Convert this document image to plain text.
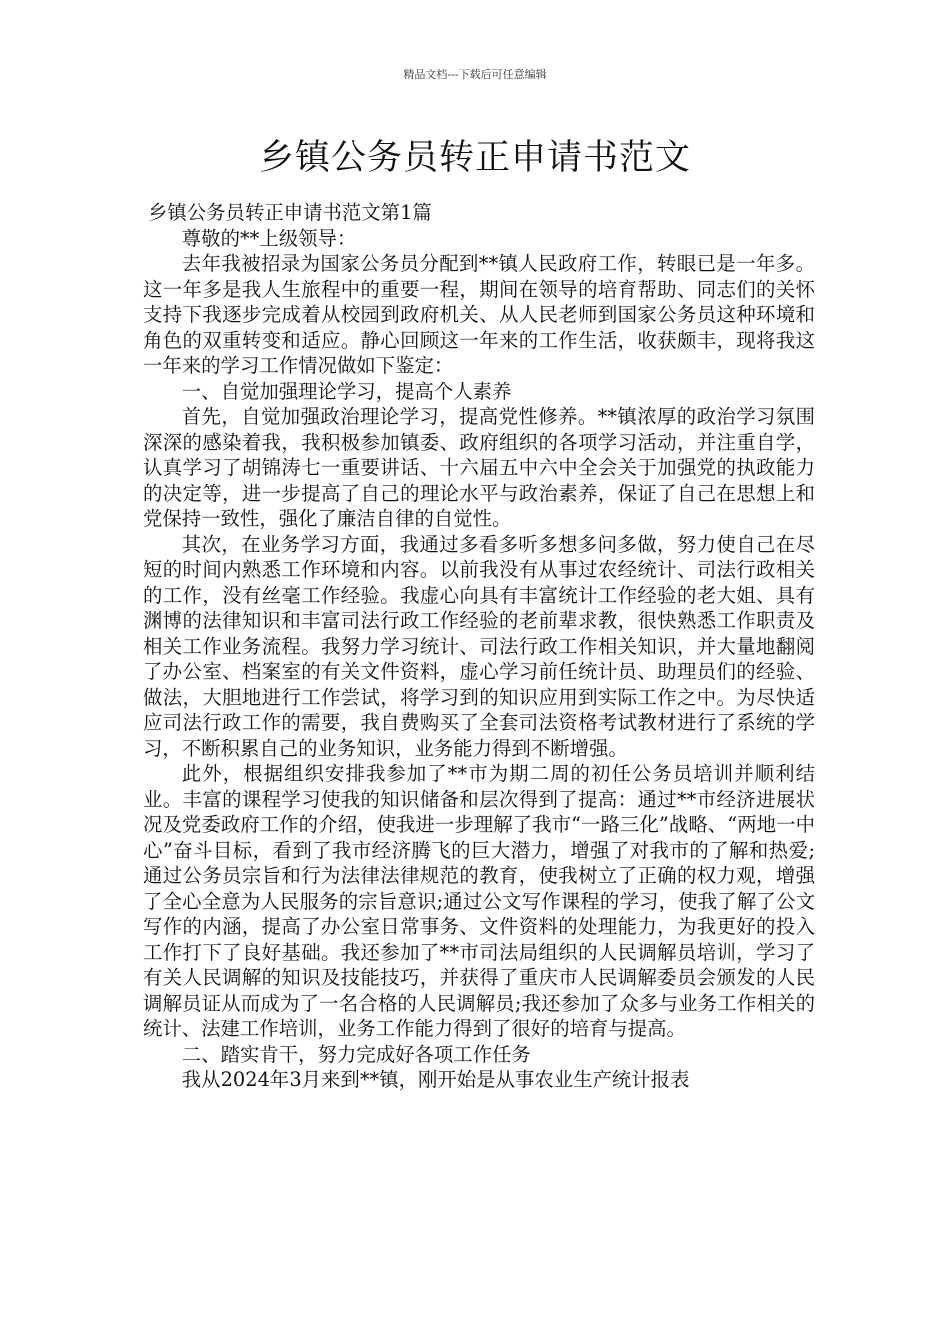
精品文档---下载后可任意编辑
乡镇公务员转正申请书范文

乡镇公务员转正申请书范文第1篇

尊敬的**上级领导：

去年我被招录为国家公务员分配到**镇人民政府工作，转眼已是一年多。这一年多是我人生旅程中的重要一程，期间在领导的培育帮助、同志们的关怀支持下我逐步完成着从校园到政府机关、从人民老师到国家公务员这种环境和角色的双重转变和适应。静心回顾这一年来的工作生活，收获颇丰，现将我这一年来的学习工作情况做如下鉴定：

一、自觉加强理论学习，提高个人素养

首先，自觉加强政治理论学习，提高党性修养。**镇浓厚的政治学习氛围深深的感染着我，我积极参加镇委、政府组织的各项学习活动，并注重自学，认真学习了胡锦涛七一重要讲话、十六届五中六中全会关于加强党的执政能力的决定等，进一步提高了自己的理论水平与政治素养，保证了自己在思想上和党保持一致性，强化了廉洁自律的自觉性。

其次，在业务学习方面，我通过多看多听多想多问多做，努力使自己在尽短的时间内熟悉工作环境和内容。以前我没有从事过农经统计、司法行政相关的工作，没有丝毫工作经验。我虚心向具有丰富统计工作经验的老大姐、具有渊博的法律知识和丰富司法行政工作经验的老前辈求教，很快熟悉工作职责及相关工作业务流程。我努力学习统计、司法行政工作相关知识，并大量地翻阅了办公室、档案室的有关文件资料，虚心学习前任统计员、助理员们的经验、做法，大胆地进行工作尝试，将学习到的知识应用到实际工作之中。为尽快适应司法行政工作的需要，我自费购买了全套司法资格考试教材进行了系统的学习，不断积累自己的业务知识，业务能力得到不断增强。

此外，根据组织安排我参加了**市为期二周的初任公务员培训并顺利结业。丰富的课程学习使我的知识储备和层次得到了提高：通过**市经济进展状况及党委政府工作的介绍，使我进一步理解了我市“一路三化”战略、“两地一中心”奋斗目标，看到了我市经济腾飞的巨大潜力，增强了对我市的了解和热爱;通过公务员宗旨和行为法律法律规范的教育，使我树立了正确的权力观，增强了全心全意为人民服务的宗旨意识;通过公文写作课程的学习，使我了解了公文写作的内涵，提高了办公室日常事务、文件资料的处理能力，为我更好的投入工作打下了良好基础。我还参加了**市司法局组织的人民调解员培训，学习了有关人民调解的知识及技能技巧，并获得了重庆市人民调解委员会颁发的人民调解员证从而成为了一名合格的人民调解员;我还参加了众多与业务工作相关的统计、法建工作培训，业务工作能力得到了很好的培育与提高。

二、踏实肯干，努力完成好各项工作任务

我从2024年3月来到**镇，刚开始是从事农业生产统计报表
